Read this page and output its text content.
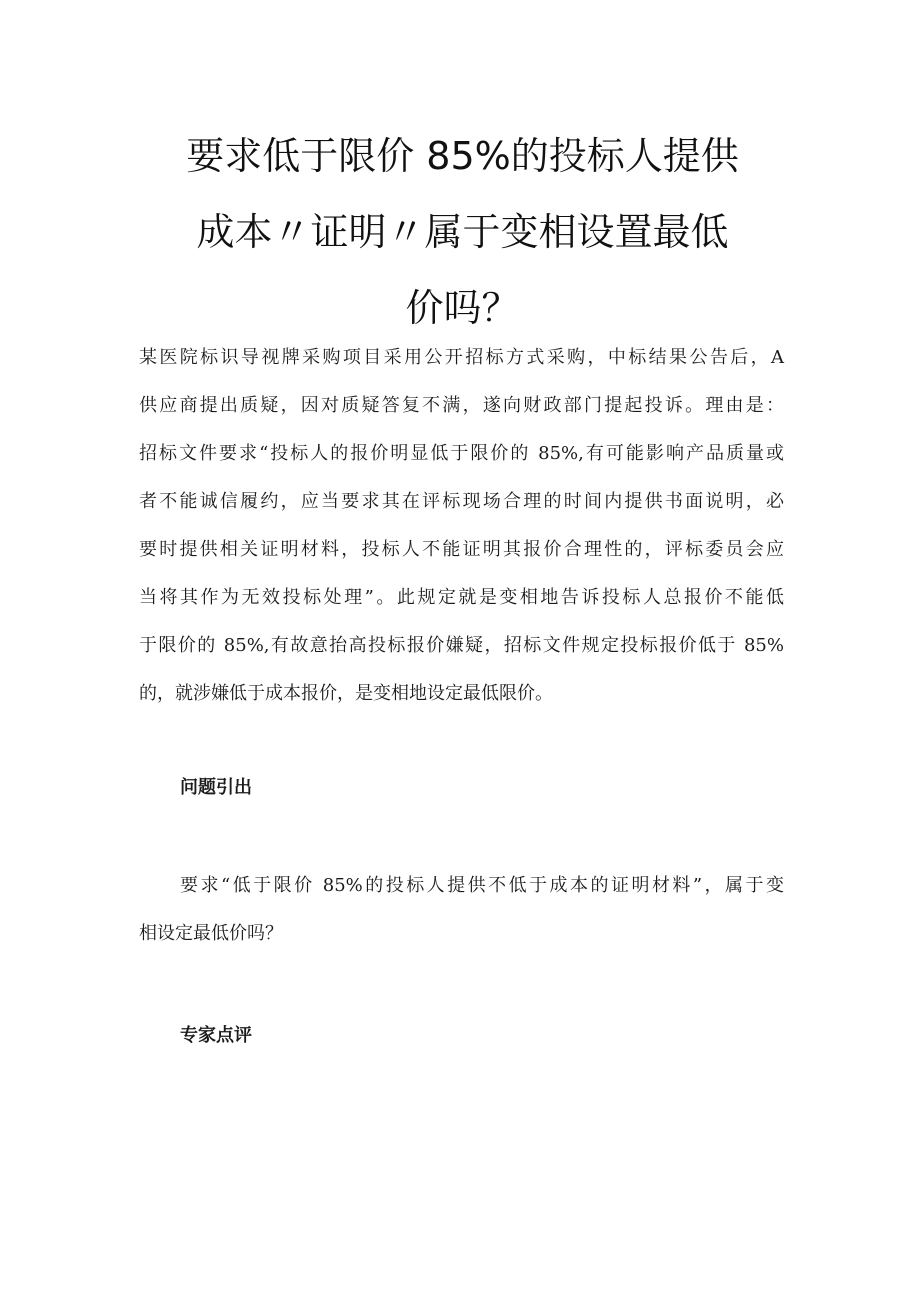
要求低于限价 85%的投标人提供
成本〃证明〃属于变相设置最低
价吗？

某医院标识导视牌采购项目采用公开招标方式采购，中标结果公告后，A
供应商提出质疑，因对质疑答复不满，遂向财政部门提起投诉。理由是：
招标文件要求“投标人的报价明显低于限价的 85%,有可能影响产品质量或
者不能诚信履约，应当要求其在评标现场合理的时间内提供书面说明，必
要时提供相关证明材料，投标人不能证明其报价合理性的，评标委员会应
当将其作为无效投标处理”。此规定就是变相地告诉投标人总报价不能低
于限价的 85%,有故意抬高投标报价嫌疑，招标文件规定投标报价低于 85%
的，就涉嫌低于成本报价，是变相地设定最低限价。

问题引出

要求“低于限价 85%的投标人提供不低于成本的证明材料”，属于变
相设定最低价吗？

专家点评
